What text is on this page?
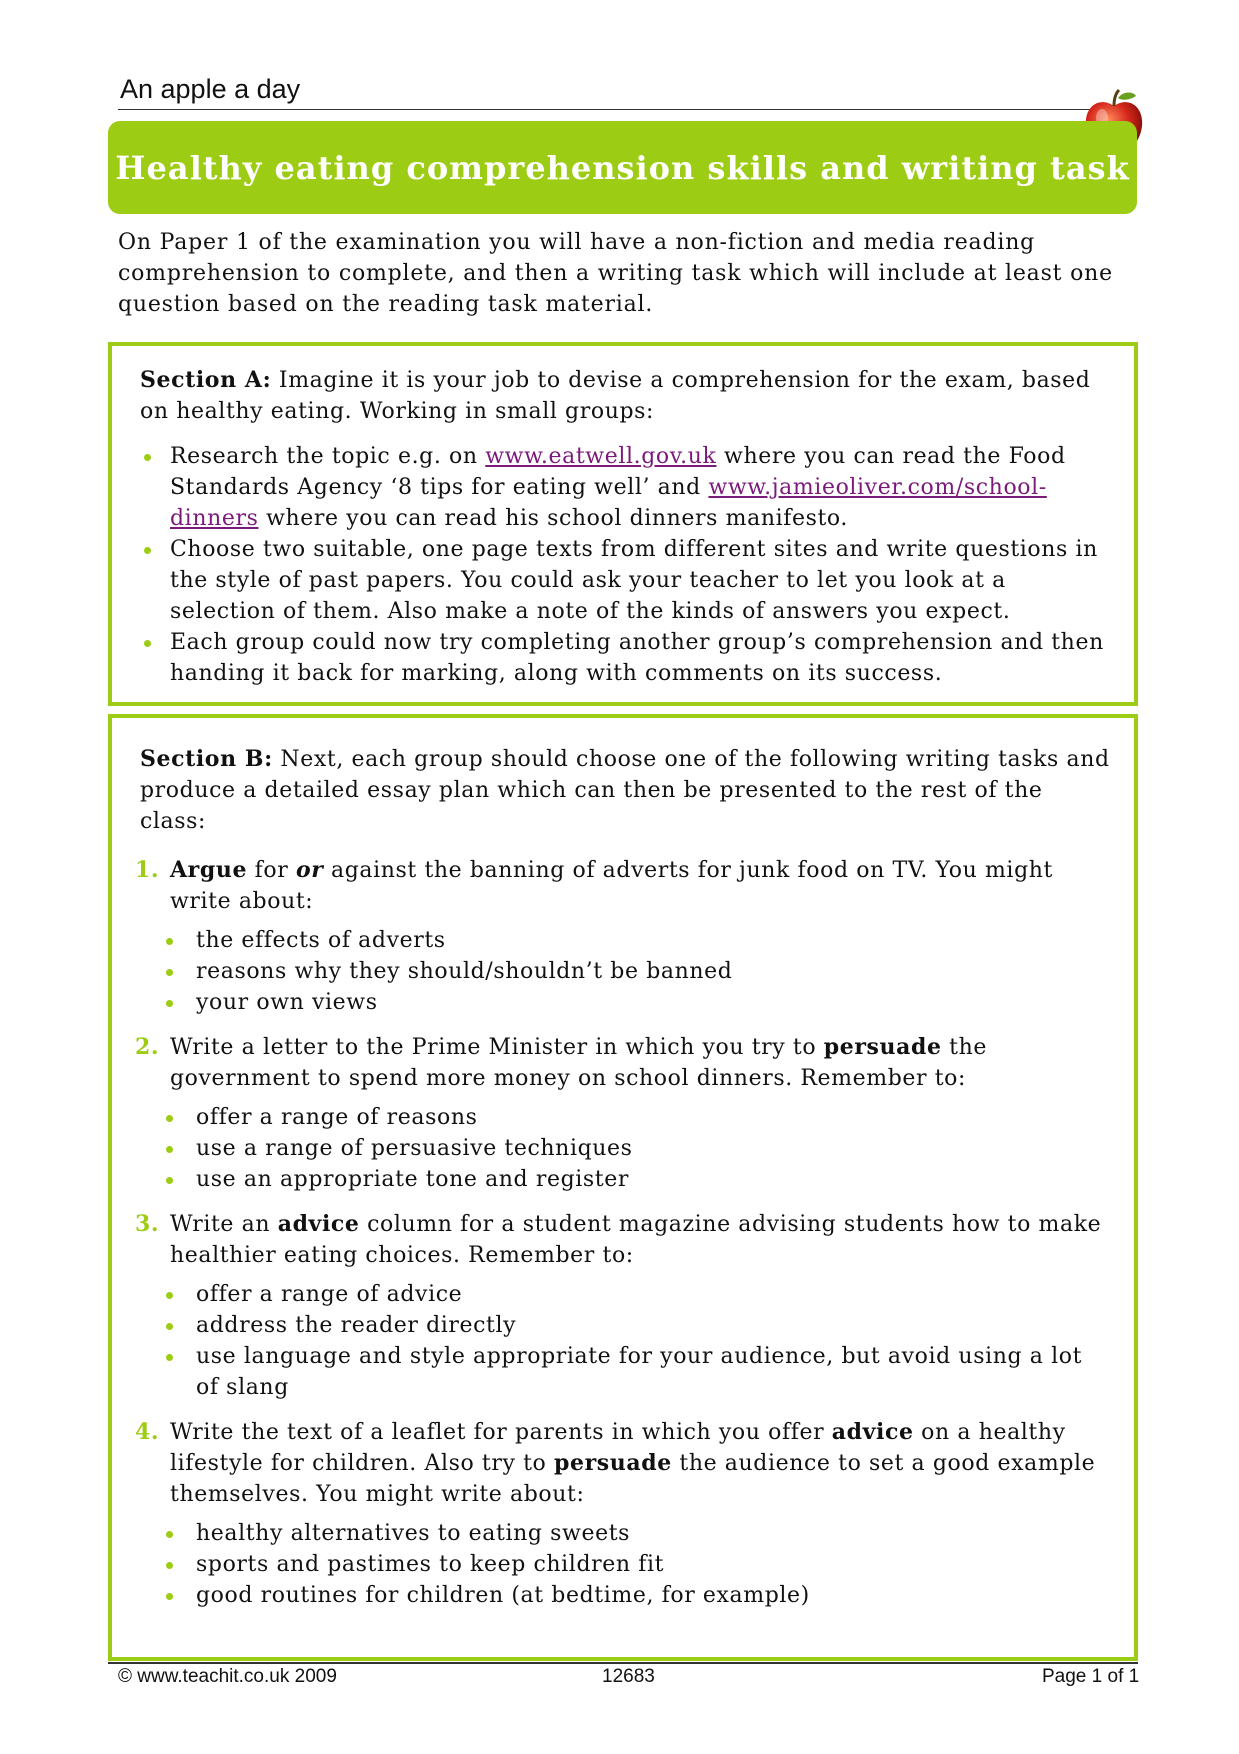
An apple a day
Healthy eating comprehension skills and writing task
On Paper 1 of the examination you will have a non-fiction and media reading comprehension to complete, and then a writing task which will include at least one question based on the reading task material.

Section A: Imagine it is your job to devise a comprehension for the exam, based on healthy eating. Working in small groups:

Research the topic e.g. on www.eatwell.gov.uk where you can read the Food Standards Agency ‘8 tips for eating well’ and www.jamieoliver.com/school-dinners where you can read his school dinners manifesto.
Choose two suitable, one page texts from different sites and write questions in the style of past papers. You could ask your teacher to let you look at a selection of them. Also make a note of the kinds of answers you expect.
Each group could now try completing another group’s comprehension and then handing it back for marking, along with comments on its success.

Section B: Next, each group should choose one of the following writing tasks and produce a detailed essay plan which can then be presented to the rest of the class:

1. Argue for or against the banning of adverts for junk food on TV. You might write about:
the effects of adverts
reasons why they should/shouldn’t be banned
your own views
2. Write a letter to the Prime Minister in which you try to persuade the government to spend more money on school dinners. Remember to:
offer a range of reasons
use a range of persuasive techniques
use an appropriate tone and register
3. Write an advice column for a student magazine advising students how to make healthier eating choices. Remember to:
offer a range of advice
address the reader directly
use language and style appropriate for your audience, but avoid using a lot of slang
4. Write the text of a leaflet for parents in which you offer advice on a healthy lifestyle for children. Also try to persuade the audience to set a good example themselves. You might write about:
healthy alternatives to eating sweets
sports and pastimes to keep children fit
good routines for children (at bedtime, for example)
© www.teachit.co.uk 2009	12683	Page 1 of 1
